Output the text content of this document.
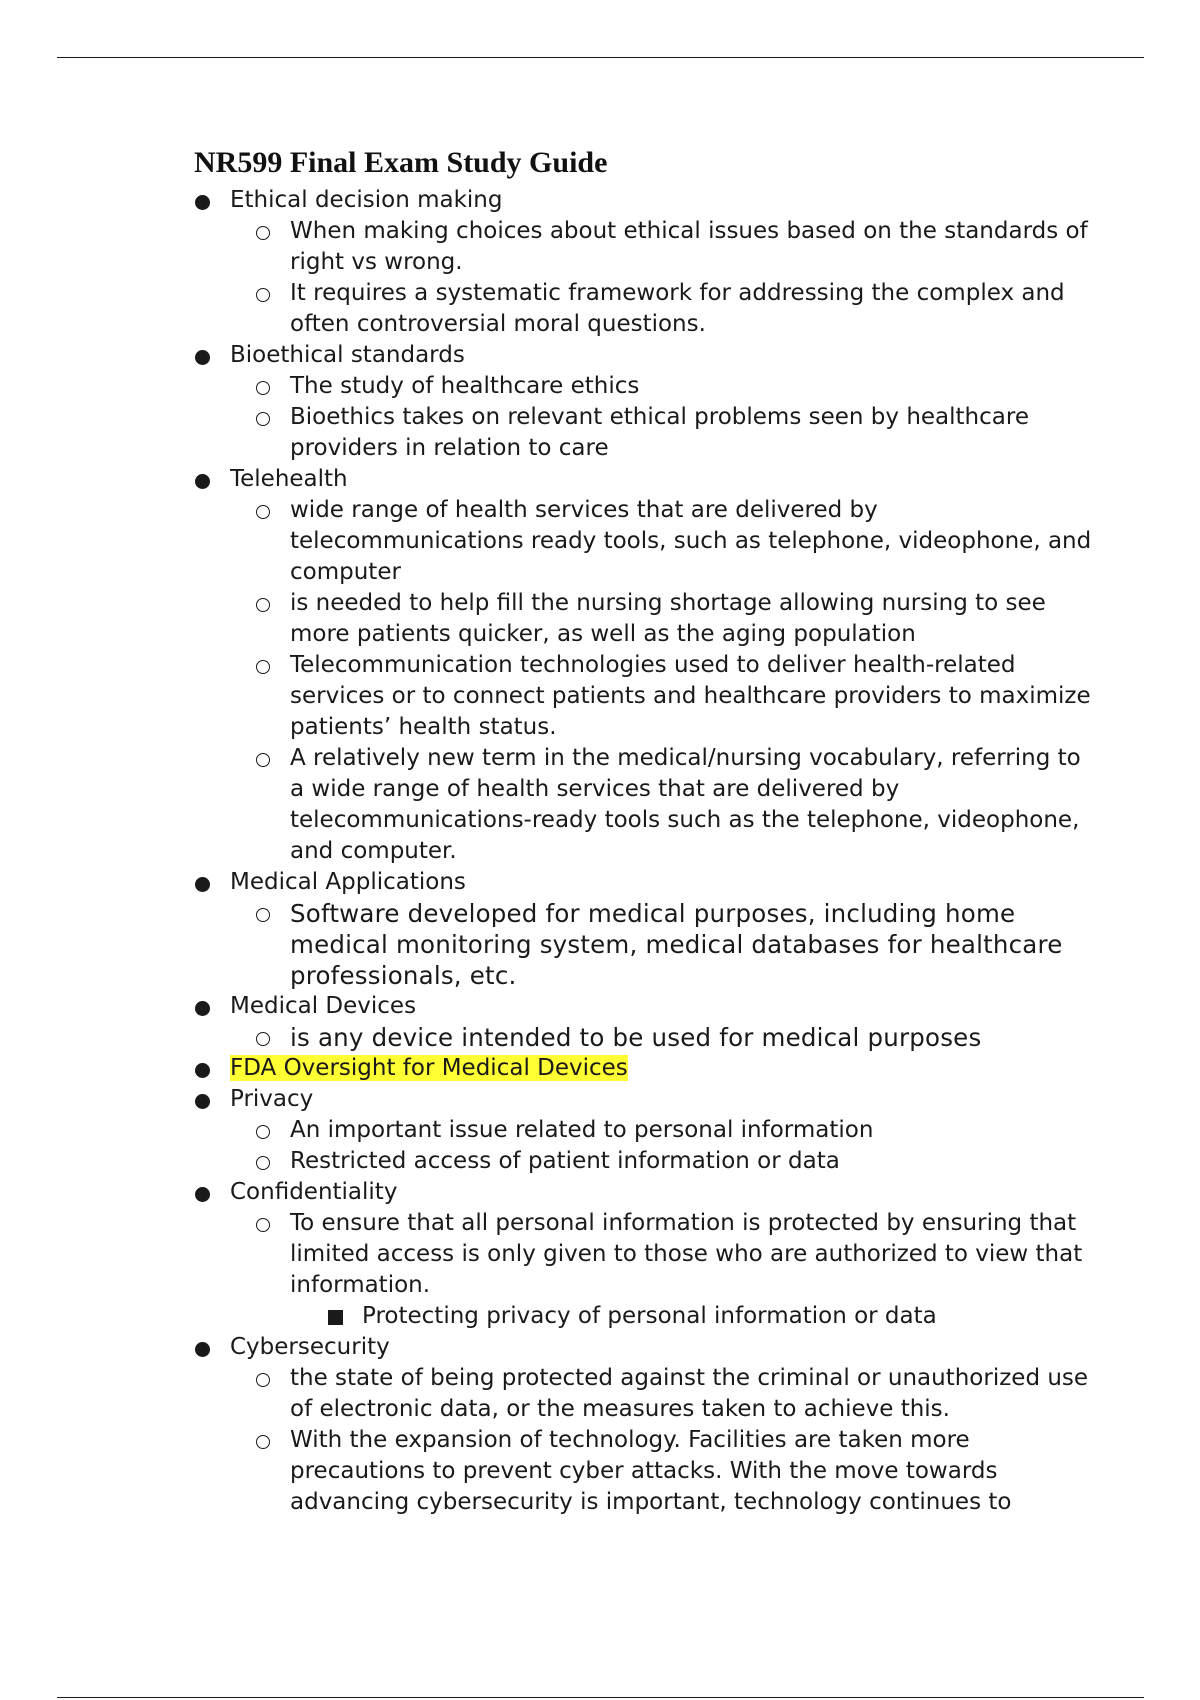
NR599 Final Exam Study Guide
Ethical decision making
When making choices about ethical issues based on the standards of right vs wrong.
It requires a systematic framework for addressing the complex and often controversial moral questions.
Bioethical standards
The study of healthcare ethics
Bioethics takes on relevant ethical problems seen by healthcare providers in relation to care
Telehealth
wide range of health services that are delivered by telecommunications ready tools, such as telephone, videophone, and computer
is needed to help fill the nursing shortage allowing nursing to see more patients quicker, as well as the aging population
Telecommunication technologies used to deliver health-related services or to connect patients and healthcare providers to maximize patients’ health status.
A relatively new term in the medical/nursing vocabulary, referring to a wide range of health services that are delivered by telecommunications-ready tools such as the telephone, videophone, and computer.
Medical Applications
Software developed for medical purposes, including home medical monitoring system, medical databases for healthcare professionals, etc.
Medical Devices
is any device intended to be used for medical purposes
FDA Oversight for Medical Devices
Privacy
An important issue related to personal information
Restricted access of patient information or data
Confidentiality
To ensure that all personal information is protected by ensuring that limited access is only given to those who are authorized to view that information.
Protecting privacy of personal information or data
Cybersecurity
the state of being protected against the criminal or unauthorized use of electronic data, or the measures taken to achieve this.
With the expansion of technology. Facilities are taken more precautions to prevent cyber attacks. With the move towards advancing cybersecurity is important, technology continues to
